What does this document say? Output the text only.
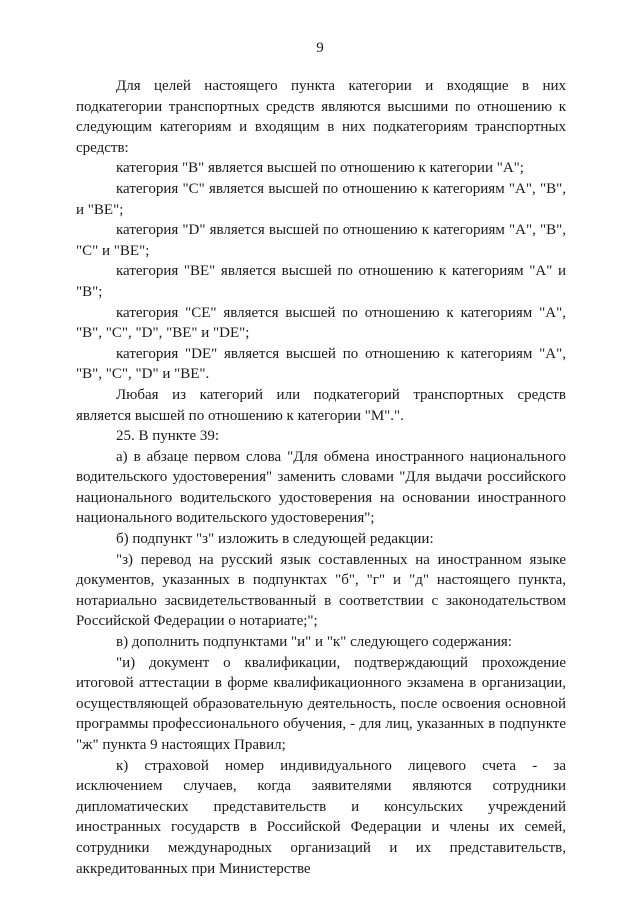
9

Для целей настоящего пункта категории и входящие в них подкатегории транспортных средств являются высшими по отношению к следующим категориям и входящим в них подкатегориям транспортных средств:

категория "B" является высшей по отношению к категории "A";

категория "C" является высшей по отношению к категориям "A", "B", и "BE";

категория "D" является высшей по отношению к категориям "A", "B", "C" и "BE";

категория "BE" является высшей по отношению к категориям "A" и "B";

категория "CE" является высшей по отношению к категориям "A", "B", "C", "D", "BE" и "DE";

категория "DE" является высшей по отношению к категориям "A", "B", "C", "D" и "BE".

Любая из категорий или подкатегорий транспортных средств является высшей по отношению к категории "M".".

25. В пункте 39:

а) в абзаце первом слова "Для обмена иностранного национального водительского удостоверения" заменить словами "Для выдачи российского национального водительского удостоверения на основании иностранного национального водительского удостоверения";

б) подпункт "з" изложить в следующей редакции:

"з) перевод на русский язык составленных на иностранном языке документов, указанных в подпунктах "б", "г" и "д" настоящего пункта, нотариально засвидетельствованный в соответствии с законодательством Российской Федерации о нотариате;";

в) дополнить подпунктами "и" и "к" следующего содержания:

"и) документ о квалификации, подтверждающий прохождение итоговой аттестации в форме квалификационного экзамена в организации, осуществляющей образовательную деятельность, после освоения основной программы профессионального обучения, - для лиц, указанных в подпункте "ж" пункта 9 настоящих Правил;

к) страховой номер индивидуального лицевого счета - за исключением случаев, когда заявителями являются сотрудники дипломатических представительств и консульских учреждений иностранных государств в Российской Федерации и члены их семей, сотрудники международных организаций и их представительств, аккредитованных при Министерстве
